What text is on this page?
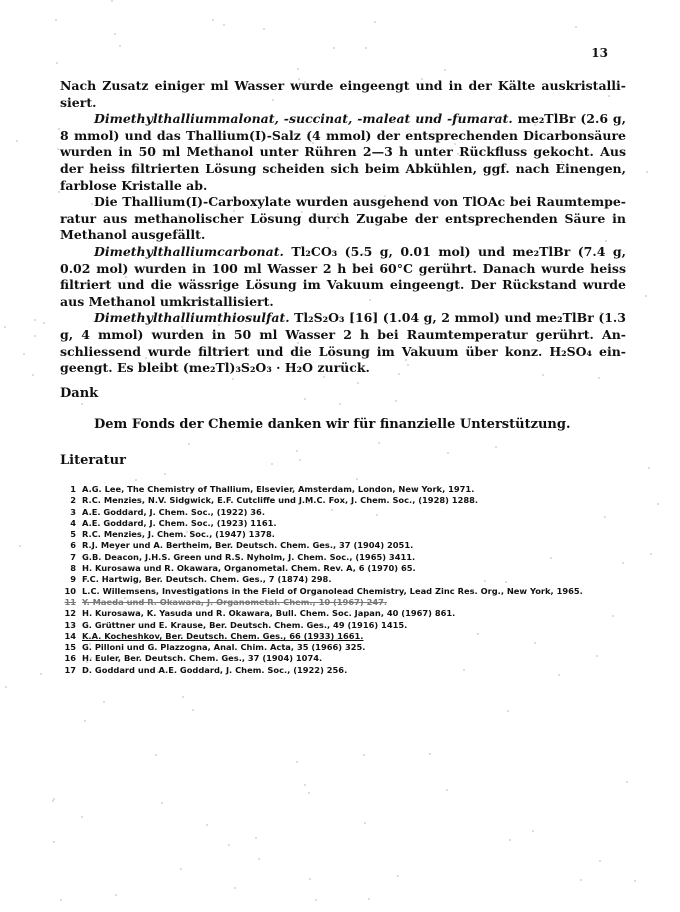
13

Nach Zusatz einiger ml Wasser wurde eingeengt und in der Kälte auskristalli-siert.

Dimethylthalliummalonat, -succinat, -maleat und -fumarat. me₂TlBr (2.6 g, 8 mmol) und das Thallium(I)-Salz (4 mmol) der entsprechenden Dicarbonsäure wurden in 50 ml Methanol unter Rühren 2—3 h unter Rückfluss gekocht. Aus der heiss filtrierten Lösung scheiden sich beim Abkühlen, ggf. nach Einengen, farblose Kristalle ab.

Die Thallium(I)-Carboxylate wurden ausgehend von TlOAc bei Raumtempe-ratur aus methanolischer Lösung durch Zugabe der entsprechenden Säure in Methanol ausgefällt.

Dimethylthalliumcarbonat. Tl₂CO₃ (5.5 g, 0.01 mol) und me₂TlBr (7.4 g, 0.02 mol) wurden in 100 ml Wasser 2 h bei 60°C gerührt. Danach wurde heiss filtriert und die wässrige Lösung im Vakuum eingeengt. Der Rückstand wurde aus Methanol umkristallisiert.

Dimethylthalliumthiosulfat. Tl₂S₂O₃ [16] (1.04 g, 2 mmol) und me₂TlBr (1.3 g, 4 mmol) wurden in 50 ml Wasser 2 h bei Raumtemperatur gerührt. An-schliessend wurde filtriert und die Lösung im Vakuum über konz. H₂SO₄ ein-geengt. Es bleibt (me₂Tl)₃S₂O₃ · H₂O zurück.

Dank
Dem Fonds der Chemie danken wir für finanzielle Unterstützung.
Literatur
1 A.G. Lee, The Chemistry of Thallium, Elsevier, Amsterdam, London, New York, 1971.
2 R.C. Menzies, N.V. Sidgwick, E.F. Cutcliffe und J.M.C. Fox, J. Chem. Soc., (1928) 1288.
3 A.E. Goddard, J. Chem. Soc., (1922) 36.
4 A.E. Goddard, J. Chem. Soc., (1923) 1161.
5 R.C. Menzies, J. Chem. Soc., (1947) 1378.
6 R.J. Meyer und A. Bertheim, Ber. Deutsch. Chem. Ges., 37 (1904) 2051.
7 G.B. Deacon, J.H.S. Green und R.S. Nyholm, J. Chem. Soc., (1965) 3411.
8 H. Kurosawa und R. Okawara, Organometal. Chem. Rev. A, 6 (1970) 65.
9 F.C. Hartwig, Ber. Deutsch. Chem. Ges., 7 (1874) 298.
10 L.C. Willemsens, Investigations in the Field of Organolead Chemistry, Lead Zinc Res. Org., New York, 1965.
11 Y. Maeda und R. Okawara, J. Organometal. Chem., 10 (1967) 247.
12 H. Kurosawa, K. Yasuda und R. Okawara, Bull. Chem. Soc. Japan, 40 (1967) 861.
13 G. Grüttner und E. Krause, Ber. Deutsch. Chem. Ges., 49 (1916) 1415.
14 K.A. Kocheshkov, Ber. Deutsch. Chem. Ges., 66 (1933) 1661.
15 G. Pilloni und G. Plazzogna, Anal. Chim. Acta, 35 (1966) 325.
16 H. Euler, Ber. Deutsch. Chem. Ges., 37 (1904) 1074.
17 D. Goddard und A.E. Goddard, J. Chem. Soc., (1922) 256.
